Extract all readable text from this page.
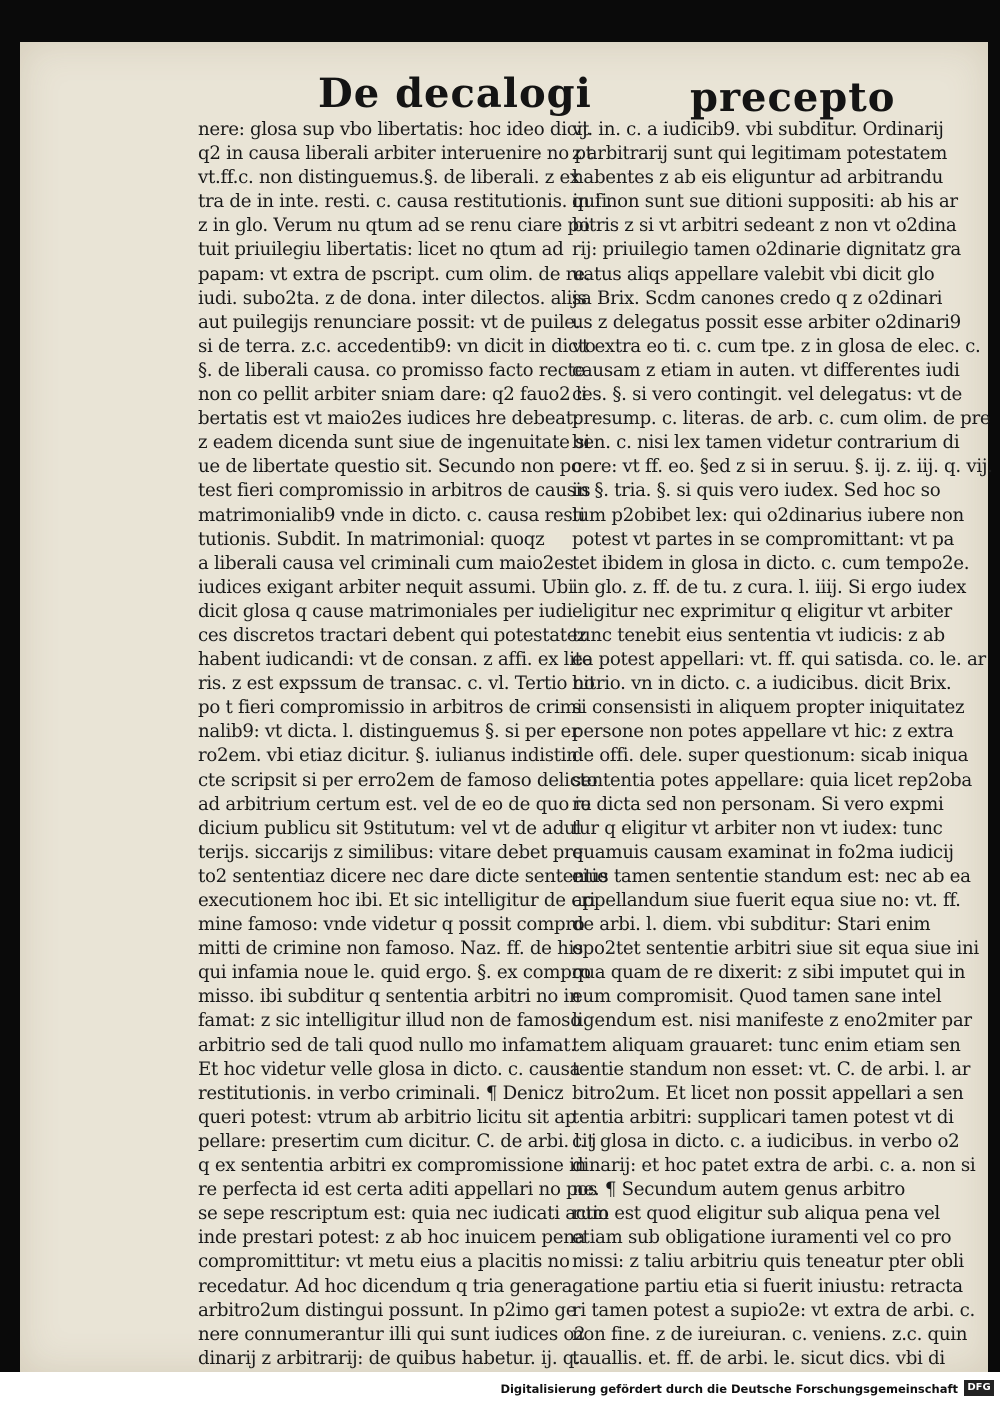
De decalogi precepto
nere: glosa sup vbo libertatis: hoc ideo dicit
q2 in causa liberali arbiter interuenire no pt
vt.ff.c. non distinguemus.§. de liberali. z ex
tra de in inte. resti. c. causa restitutionis. in fi.
z in glo. Verum nu qtum ad se renu ciare po
tuit priuilegiu libertatis: licet no qtum ad
papam: vt extra de pscript. cum olim. de re.
iudi. subo2ta. z de dona. inter dilectos. alijs
aut puilegijs renunciare possit: vt de puile.
si de terra. z.c. accedentib9: vn dicit in dicto
§. de liberali causa. co promisso facto recte
non co pellit arbiter sniam dare: q2 fauo2 li
bertatis est vt maio2es iudices hre debeat:
z eadem dicenda sunt siue de ingenuitate si
ue de libertate questio sit. Secundo non po
test fieri compromissio in arbitros de causis
matrimonialib9 vnde in dicto. c. causa resti
tutionis. Subdit. In matrimonial: quoqz
a liberali causa vel criminali cum maio2es
iudices exigant arbiter nequit assumi. Ubi
dicit glosa q cause matrimoniales per iudi
ces discretos tractari debent qui potestatez
habent iudicandi: vt de consan. z affi. ex lite
ris. z est expssum de transac. c. vl. Tertio no
po t fieri compromissio in arbitros de crimi
nalib9: vt dicta. l. distinguemus §. si per er
ro2em. vbi etiaz dicitur. §. iulianus indistin
cte scripsit si per erro2em de famoso delicto
ad arbitrium certum est. vel de eo de quo iu
dicium publicu sit 9stitutum: vel vt de adul
terijs. siccarijs z similibus: vitare debet pre
to2 sententiaz dicere nec dare dicte sententie
executionem hoc ibi. Et sic intelligitur de cri
mine famoso: vnde videtur q possit compro
mitti de crimine non famoso. Naz. ff. de his
qui infamia noue le. quid ergo. §. ex compro
misso. ibi subditur q sententia arbitri no in
famat: z sic intelligitur illud non de famoso
arbitrio sed de tali quod nullo mo infamat.
Et hoc videtur velle glosa in dicto. c. causa
restitutionis. in verbo criminali. ¶ Denicz
queri potest: vtrum ab arbitrio licitu sit ap
pellare: presertim cum dicitur. C. de arbi. l. j
q ex sententia arbitri ex compromissione in
re perfecta id est certa aditi appellari no pos
se sepe rescriptum est: quia nec iudicati actio
inde prestari potest: z ab hoc inuicem pena
compromittitur: vt metu eius a placitis no
recedatur. Ad hoc dicendum q tria genera
arbitro2um distingui possunt. In p2imo ge
nere connumerantur illi qui sunt iudices o2
dinarij z arbitrarij: de quibus habetur. ij. q.
vj. in. c. a iudicib9. vbi subditur. Ordinarij
z arbitrarij sunt qui legitimam potestatem
habentes z ab eis eliguntur ad arbitrandu
qui non sunt sue ditioni suppositi: ab his ar
bitris z si vt arbitri sedeant z non vt o2dina
rij: priuilegio tamen o2dinarie dignitatz gra
uatus aliqs appellare valebit vbi dicit glo
sa Brix. Scdm canones credo q z o2dinari
us z delegatus possit esse arbiter o2dinari9
vt extra eo ti. c. cum tpe. z in glosa de elec. c.
causam z etiam in auten. vt differentes iudi
ces. §. si vero contingit. vel delegatus: vt de
presump. c. literas. de arb. c. cum olim. de pre
ben. c. nisi lex tamen videtur contrarium di
cere: vt ff. eo. §ed z si in seruu. §. ij. z. iij. q. vij.
in §. tria. §. si quis vero iudex. Sed hoc so
lum p2obibet lex: qui o2dinarius iubere non
potest vt partes in se compromittant: vt pa
tet ibidem in glosa in dicto. c. cum tempo2e.
in glo. z. ff. de tu. z cura. l. iiij. Si ergo iudex
eligitur nec exprimitur q eligitur vt arbiter
tunc tenebit eius sententia vt iudicis: z ab
ea potest appellari: vt. ff. qui satisda. co. le. ar
bitrio. vn in dicto. c. a iudicibus. dicit Brix.
si consensisti in aliquem propter iniquitatez
persone non potes appellare vt hic: z extra
de offi. dele. super questionum: sicab iniqua
sententia potes appellare: quia licet rep2oba
re dicta sed non personam. Si vero expmi
tur q eligitur vt arbiter non vt iudex: tunc
quamuis causam examinat in fo2ma iudicij
eius tamen sententie standum est: nec ab ea
appellandum siue fuerit equa siue no: vt. ff.
de arbi. l. diem. vbi subditur: Stari enim
opo2tet sententie arbitri siue sit equa siue ini
qua quam de re dixerit: z sibi imputet qui in
eum compromisit. Quod tamen sane intel
ligendum est. nisi manifeste z eno2miter par
tem aliquam grauaret: tunc enim etiam sen
tentie standum non esset: vt. C. de arbi. l. ar
bitro2um. Et licet non possit appellari a sen
tentia arbitri: supplicari tamen potest vt di
cit glosa in dicto. c. a iudicibus. in verbo o2
dinarij: et hoc patet extra de arbi. c. a. non si
ne. ¶ Secundum autem genus arbitro
rum est quod eligitur sub aliqua pena vel
etiam sub obligatione iuramenti vel co pro
missi: z taliu arbitriu quis teneatur pter obli
gatione partiu etia si fuerit iniustu: retracta
ri tamen potest a supio2e: vt extra de arbi. c.
non fine. z de iureiuran. c. veniens. z.c. quin
tauallis. et. ff. de arbi. le. sicut dics. vbi di
Digitalisierung gefördert durch die Deutsche Forschungsgemeinschaft DFG
